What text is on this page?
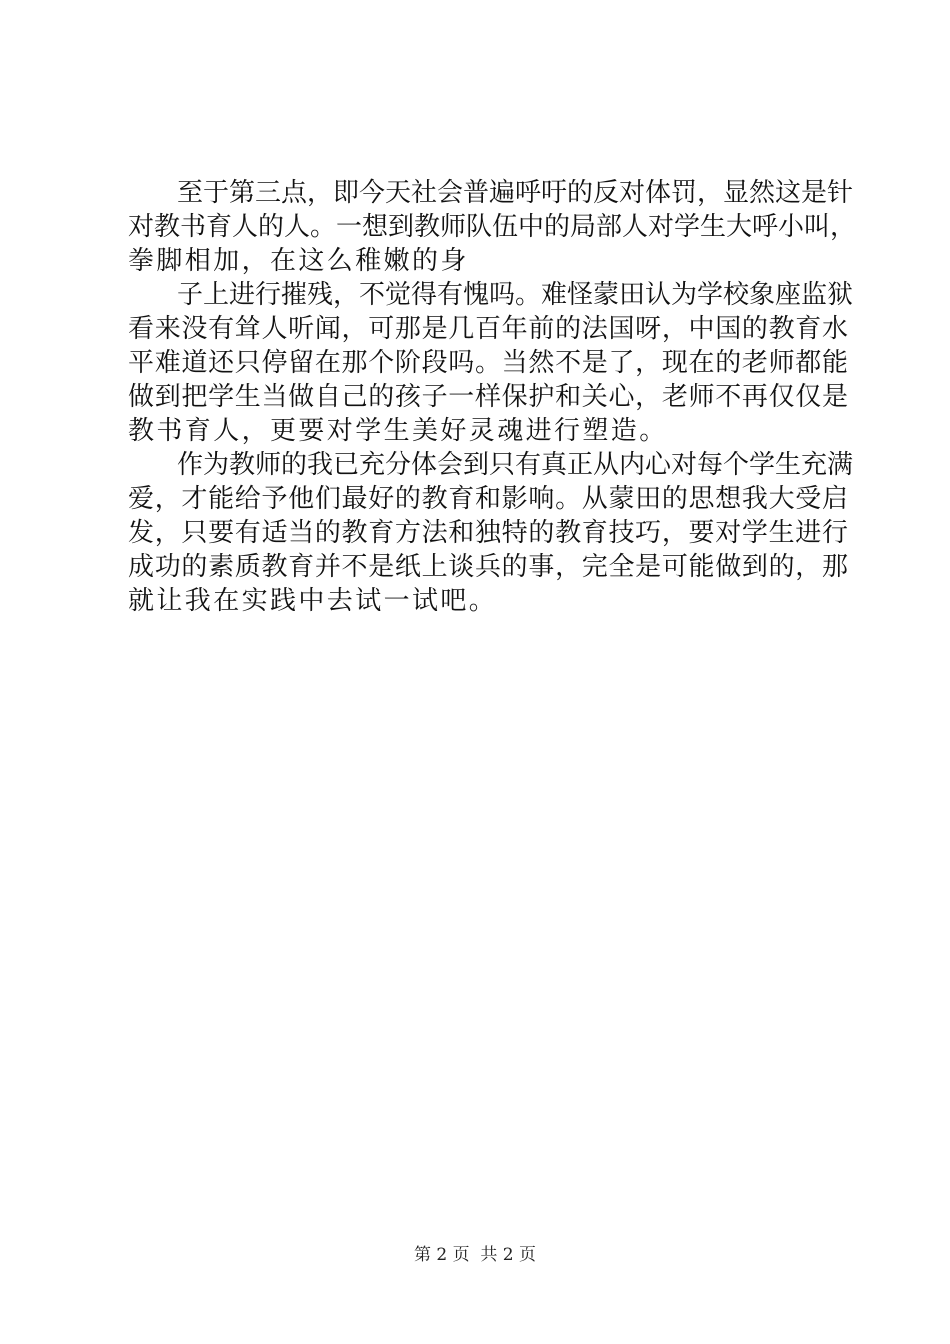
至于第三点，即今天社会普遍呼吁的反对体罚，显然这是针
对教书育人的人。一想到教师队伍中的局部人对学生大呼小叫，
拳脚相加，在这么稚嫩的身
子上进行摧残，不觉得有愧吗。难怪蒙田认为学校象座监狱
看来没有耸人听闻，可那是几百年前的法国呀，中国的教育水
平难道还只停留在那个阶段吗。当然不是了，现在的老师都能
做到把学生当做自己的孩子一样保护和关心，老师不再仅仅是
教书育人，更要对学生美好灵魂进行塑造。
作为教师的我已充分体会到只有真正从内心对每个学生充满
爱，才能给予他们最好的教育和影响。从蒙田的思想我大受启
发，只要有适当的教育方法和独特的教育技巧，要对学生进行
成功的素质教育并不是纸上谈兵的事，完全是可能做到的，那
就让我在实践中去试一试吧。
第 2 页  共 2 页
